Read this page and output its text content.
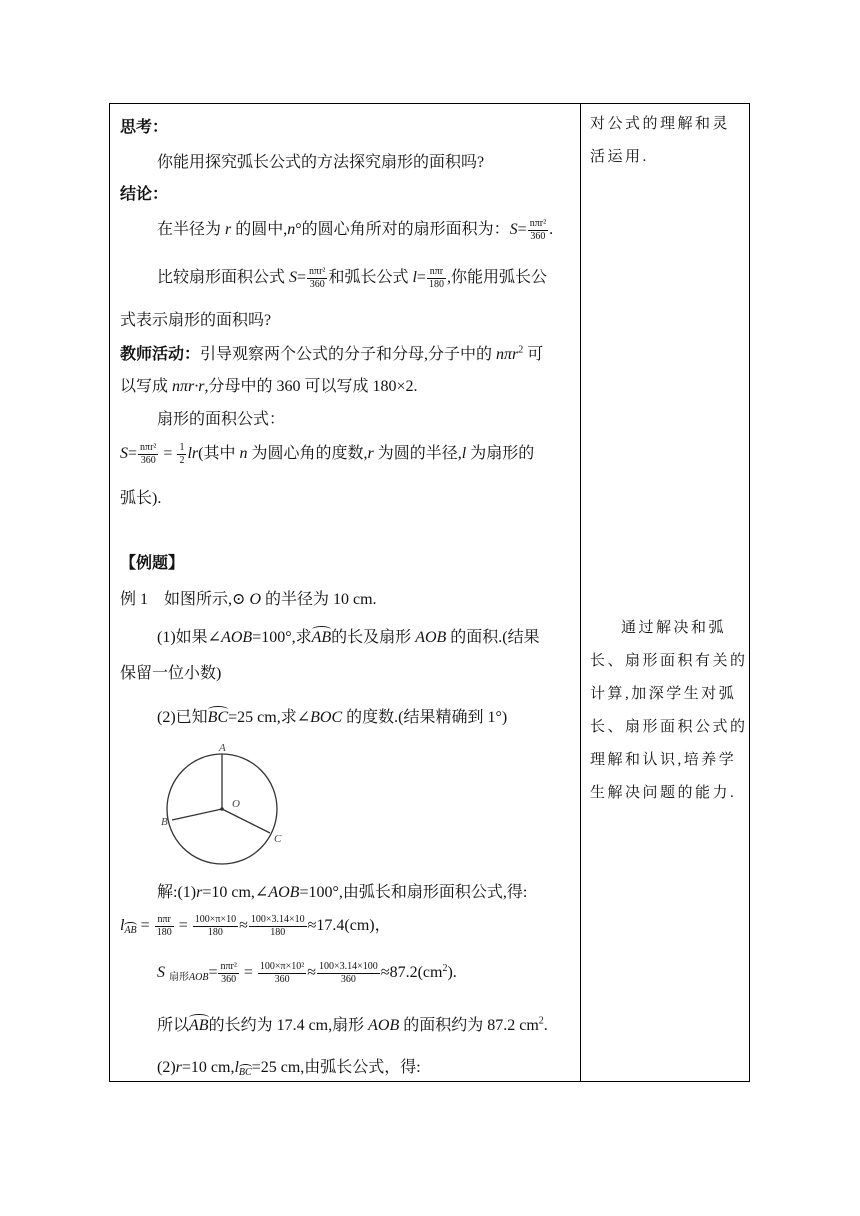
思考：
你能用探究弧长公式的方法探究扇形的面积吗?
结论：
在半径为 r 的圆中,n°的圆心角所对的扇形面积为：$S= \frac{\text{nπr²}}{360}$ .
比较扇形面积公式 $S= \frac{\text{nπr²}}{360}$ 和弧长公式 $l= \frac{\text{nπr}}{180}$ ,你能用弧长公
式表示扇形的面积吗?
教师活动：引导观察两个公式的分子和分母,分子中的 nπr$^2$ 可
以写成 nπr·r,分母中的 360 可以写成 180×2.
扇形的面积公式：
$S= \frac{\text{nπr²}}{360} = \frac{1}{2} lr$(其中 n 为圆心角的度数,r 为圆的半径,l 为扇形的
弧长).
【例题】
例 1 如图所示,⊙ O 的半径为 10 cm.
(1)如果∠AOB=100°,求AB的长及扇形 AOB 的面积.(结果
保留一位小数)
(2)已知BC=25 cm,求∠BOC 的度数.(结果精确到 1°)
A
B
C
O
解:(1)r=10 cm,∠AOB=100°,由弧长和扇形面积公式,得:
lAB = $\frac{\text{nπr}}{180} = \frac{100\times\pi\times 10}{180} \approx \frac{100\times 3.14\times 10}{180} \approx 17.4(cm)$，
S $_{扇形AOB}= \frac{\text{nπr²}}{360} = \frac{\text{100×π×10²}}{360} \approx \frac{100\times 3.14\times 100}{360} \approx 87.2(cm^2)$.
所以AB的长约为 17.4 cm,扇形 AOB 的面积约为 87.2 $cm^2$.
(2)r=10 cm,lBC=25 cm,由弧长公式，得:
对公式的理解和灵
活运用.
通过解决和弧
长、扇形面积有关的
计算,加深学生对弧
长、扇形面积公式的
理解和认识,培养学
生解决问题的能力.
